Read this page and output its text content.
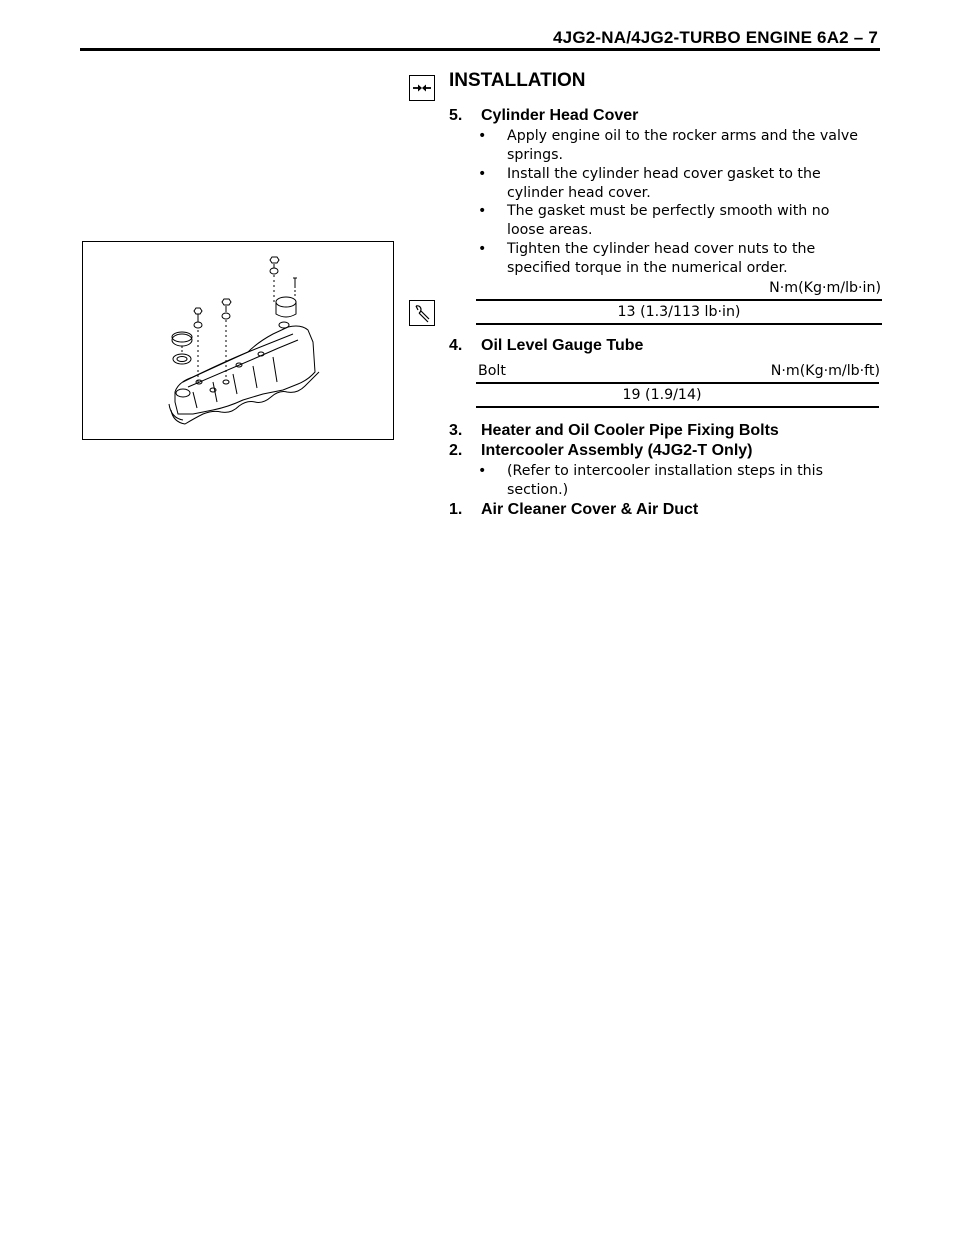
4JG2-NA/4JG2-TURBO ENGINE 6A2 – 7
INSTALLATION
5. Cylinder Head Cover
• Apply engine oil to the rocker arms and the valve
springs.
• Install the cylinder head cover gasket to the
cylinder head cover.
• The gasket must be perfectly smooth with no
loose areas.
• Tighten the cylinder head cover nuts to the
specified torque in the numerical order.
N·m(Kg·m/lb·in)
13 (1.3/113 lb·in)
4. Oil Level Gauge Tube
Bolt	N·m(Kg·m/lb·ft)
19 (1.9/14)
3. Heater and Oil Cooler Pipe Fixing Bolts
2. Intercooler Assembly (4JG2-T Only)
• (Refer to intercooler installation steps in this
section.)
1. Air Cleaner Cover & Air Duct
